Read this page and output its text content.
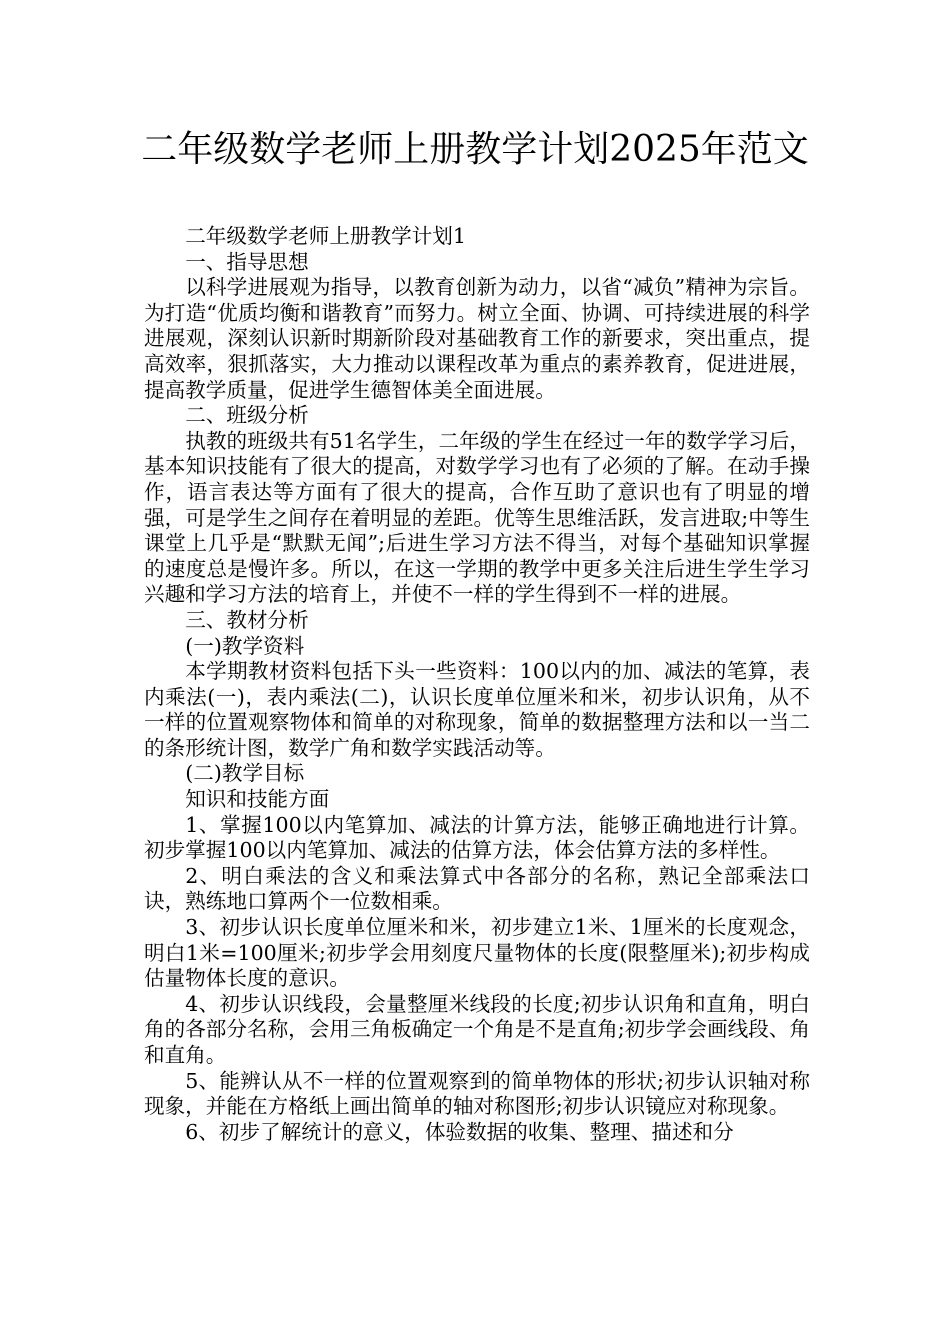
二年级数学老师上册教学计划2025年范文

二年级数学老师上册教学计划1

一、指导思想

以科学进展观为指导，以教育创新为动力，以省“减负”精神为宗旨。为打造“优质均衡和谐教育”而努力。树立全面、协调、可持续进展的科学进展观，深刻认识新时期新阶段对基础教育工作的新要求，突出重点，提高效率，狠抓落实，大力推动以课程改革为重点的素养教育，促进进展，提高教学质量，促进学生德智体美全面进展。

二、班级分析

执教的班级共有51名学生，二年级的学生在经过一年的数学学习后，基本知识技能有了很大的提高，对数学学习也有了必须的了解。在动手操作，语言表达等方面有了很大的提高，合作互助了意识也有了明显的增强，可是学生之间存在着明显的差距。优等生思维活跃，发言进取;中等生课堂上几乎是“默默无闻”;后进生学习方法不得当，对每个基础知识掌握的速度总是慢许多。所以，在这一学期的教学中更多关注后进生学生学习兴趣和学习方法的培育上，并使不一样的学生得到不一样的进展。

三、教材分析

(一)教学资料

本学期教材资料包括下头一些资料：100以内的加、减法的笔算，表内乘法(一)，表内乘法(二)，认识长度单位厘米和米，初步认识角，从不一样的位置观察物体和简单的对称现象，简单的数据整理方法和以一当二的条形统计图，数学广角和数学实践活动等。

(二)教学目标

知识和技能方面

1、掌握100以内笔算加、减法的计算方法，能够正确地进行计算。初步掌握100以内笔算加、减法的估算方法，体会估算方法的多样性。

2、明白乘法的含义和乘法算式中各部分的名称，熟记全部乘法口诀，熟练地口算两个一位数相乘。

3、初步认识长度单位厘米和米，初步建立1米、1厘米的长度观念，明白1米=100厘米;初步学会用刻度尺量物体的长度(限整厘米);初步构成估量物体长度的意识。

4、初步认识线段，会量整厘米线段的长度;初步认识角和直角，明白角的各部分名称，会用三角板确定一个角是不是直角;初步学会画线段、角和直角。

5、能辨认从不一样的位置观察到的简单物体的形状;初步认识轴对称现象，并能在方格纸上画出简单的轴对称图形;初步认识镜应对称现象。

6、初步了解统计的意义，体验数据的收集、整理、描述和分
